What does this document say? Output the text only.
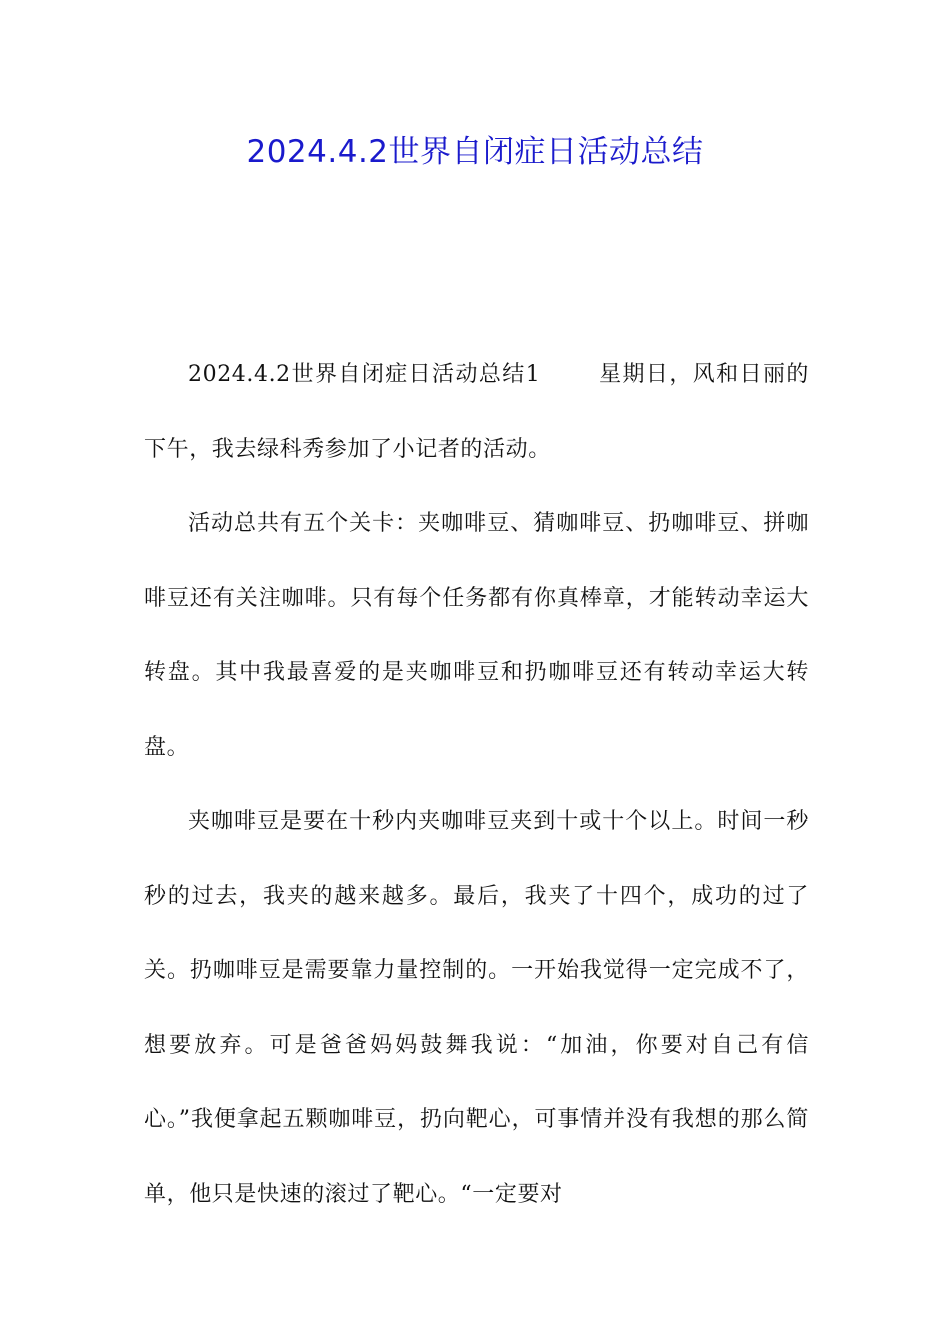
2024.4.2世界自闭症日活动总结

2024.4.2世界自闭症日活动总结1	星期日，风和日丽的下午，我去绿科秀参加了小记者的活动。

活动总共有五个关卡：夹咖啡豆、猜咖啡豆、扔咖啡豆、拼咖啡豆还有关注咖啡。只有每个任务都有你真棒章，才能转动幸运大转盘。其中我最喜爱的是夹咖啡豆和扔咖啡豆还有转动幸运大转盘。

夹咖啡豆是要在十秒内夹咖啡豆夹到十或十个以上。时间一秒秒的过去，我夹的越来越多。最后，我夹了十四个，成功的过了关。扔咖啡豆是需要靠力量控制的。一开始我觉得一定完成不了，想要放弃。可是爸爸妈妈鼓舞我说：“加油，你要对自己有信心。”我便拿起五颗咖啡豆，扔向靶心，可事情并没有我想的那么简单，他只是快速的滚过了靶心。“一定要对
